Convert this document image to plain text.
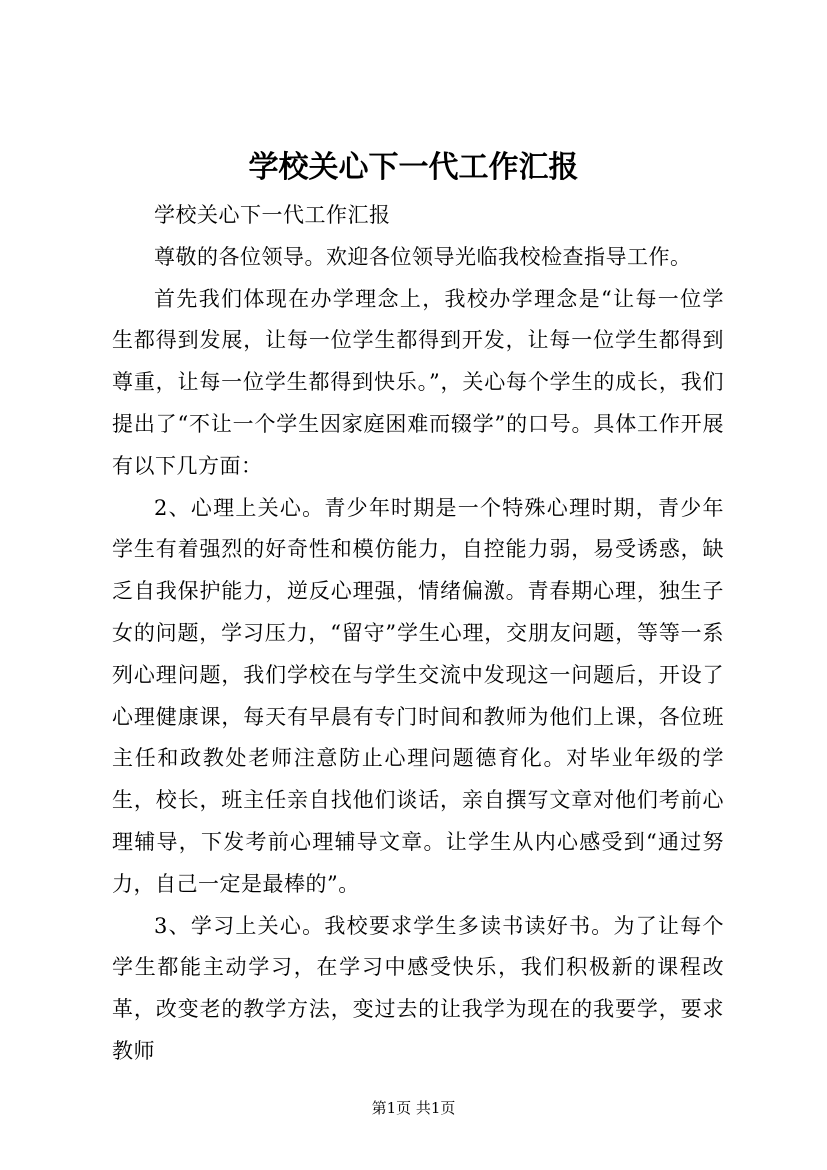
学校关心下一代工作汇报

学校关心下一代工作汇报

尊敬的各位领导。欢迎各位领导光临我校检查指导工作。

首先我们体现在办学理念上，我校办学理念是“让每一位学生都得到发展，让每一位学生都得到开发，让每一位学生都得到尊重，让每一位学生都得到快乐。”，关心每个学生的成长，我们提出了“不让一个学生因家庭困难而辍学”的口号。具体工作开展有以下几方面：

2、心理上关心。青少年时期是一个特殊心理时期，青少年学生有着强烈的好奇性和模仿能力，自控能力弱，易受诱惑，缺乏自我保护能力，逆反心理强，情绪偏激。青春期心理，独生子女的问题，学习压力，“留守”学生心理，交朋友问题，等等一系列心理问题，我们学校在与学生交流中发现这一问题后，开设了心理健康课，每天有早晨有专门时间和教师为他们上课，各位班主任和政教处老师注意防止心理问题德育化。对毕业年级的学生，校长，班主任亲自找他们谈话，亲自撰写文章对他们考前心理辅导，下发考前心理辅导文章。让学生从内心感受到“通过努力，自己一定是最棒的”。

3、学习上关心。我校要求学生多读书读好书。为了让每个学生都能主动学习，在学习中感受快乐，我们积极新的课程改革，改变老的教学方法，变过去的让我学为现在的我要学，要求教师

第1页 共1页
